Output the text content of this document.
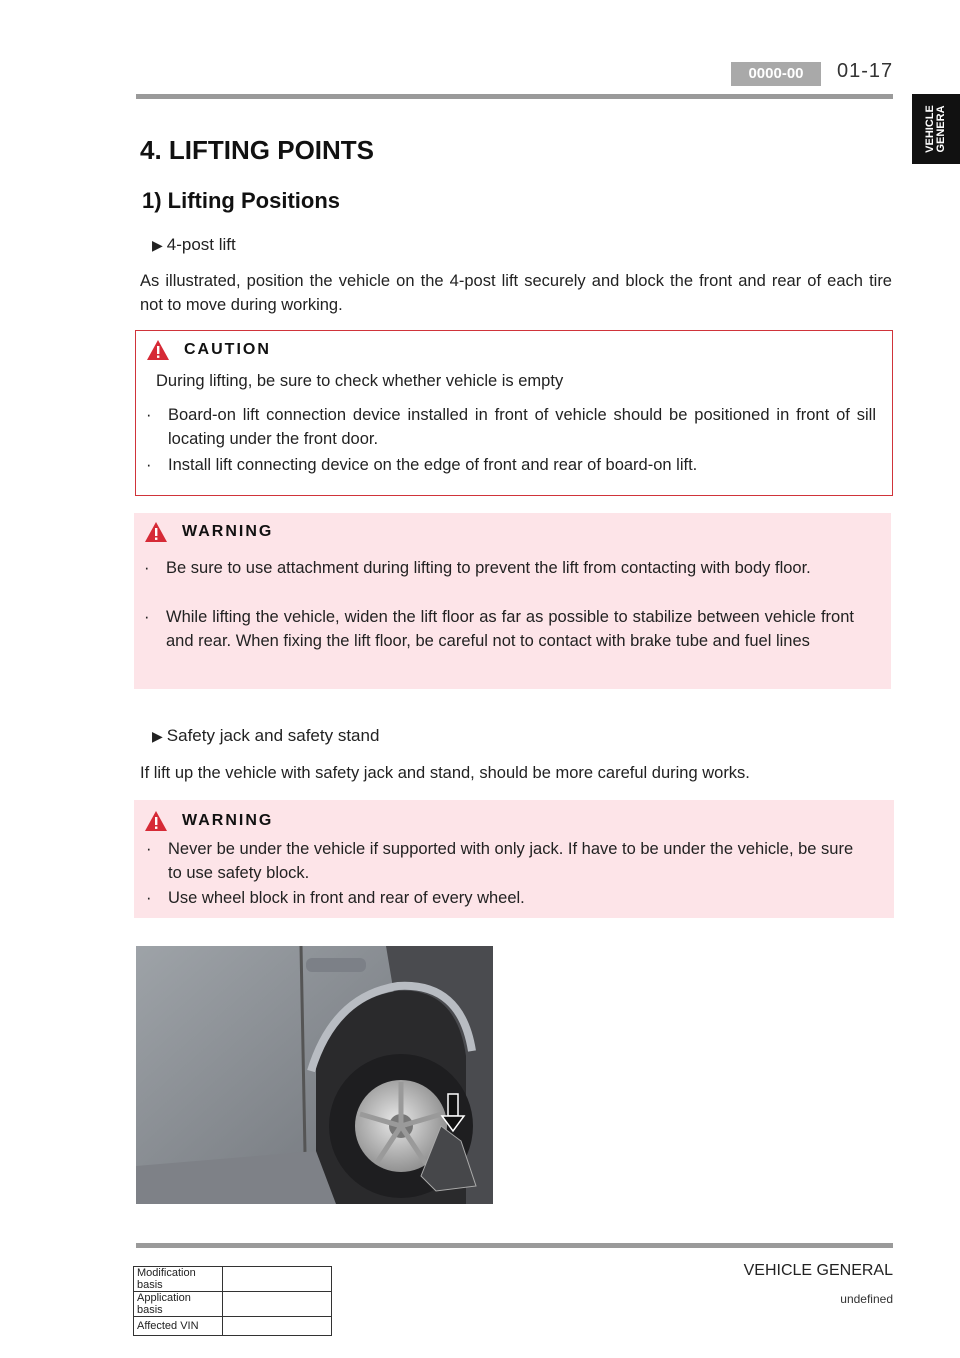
0000-00	01-17
VEHICLE
GENERA
4. LIFTING POINTS
1) Lifting Positions
▶ 4-post lift
As illustrated, position the vehicle on the 4-post lift securely and block the front and rear of each tire not to move during working.
CAUTION
During lifting, be sure to check whether vehicle is empty
·	Board-on lift connection device installed in front of vehicle should be positioned in front of sill locating under the front door.
·	Install lift connecting device on the edge of front and rear of board-on lift.
WARNING
·	Be sure to use attachment during lifting to prevent the lift from contacting with body floor.
·	While lifting the vehicle, widen the lift floor as far as possible to stabilize between vehicle front and rear. When fixing the lift floor, be careful not to contact with brake tube and fuel lines
▶ Safety jack and safety stand
If lift up the vehicle with safety jack and stand, should be more careful during works.
WARNING
·	Never be under the vehicle if supported with only jack. If have to be under the vehicle, be sure to use safety block.
·	Use wheel block in front and rear of every wheel.
Modification basis	
Application basis	
Affected VIN	
VEHICLE GENERAL
undefined
